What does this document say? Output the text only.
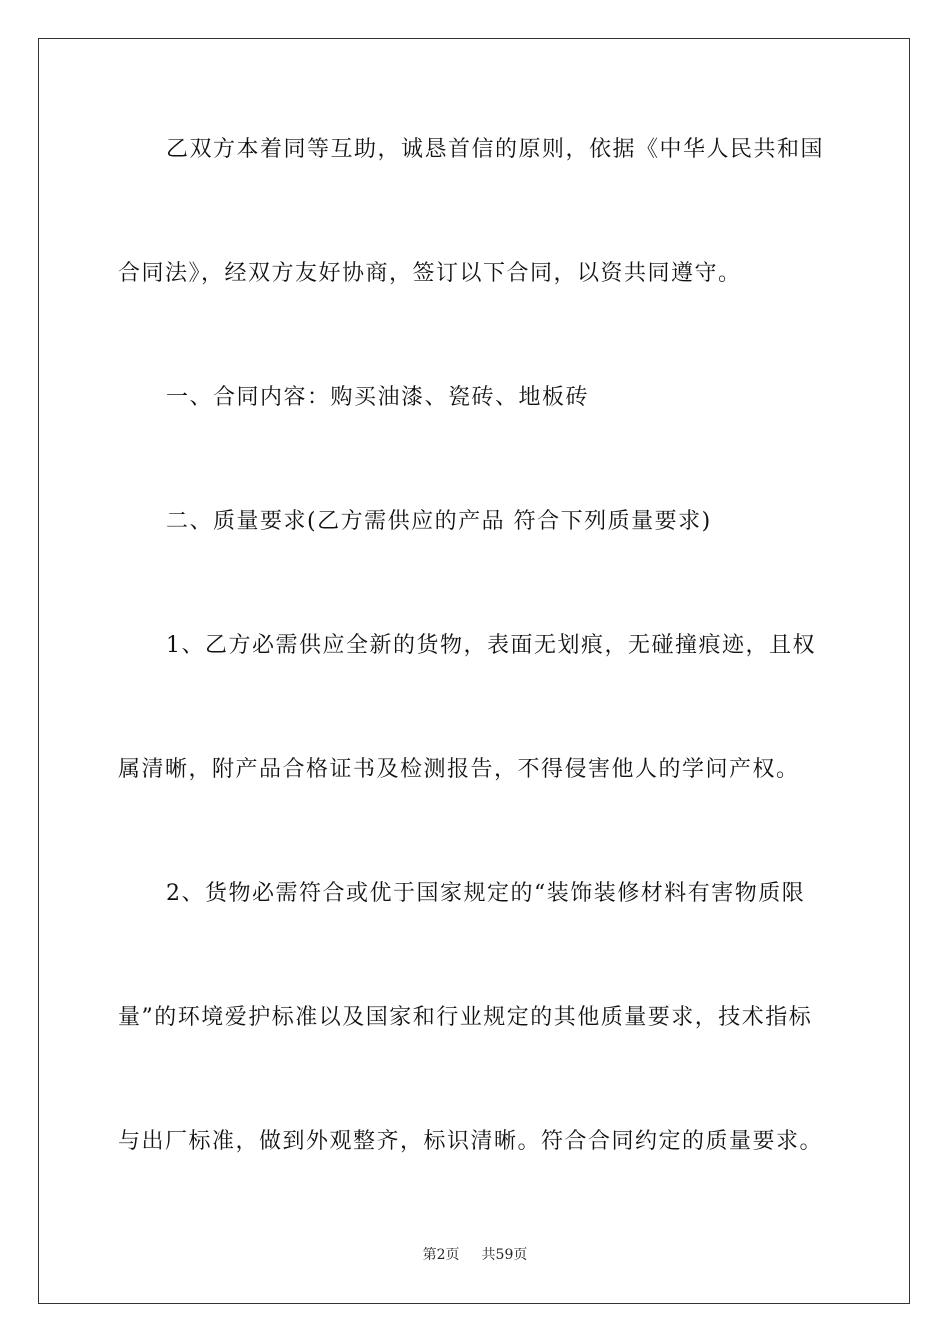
乙双方本着同等互助，诚恳首信的原则，依据《中华人民共和国
合同法》，经双方友好协商，签订以下合同，以资共同遵守。
一、合同内容：购买油漆、瓷砖、地板砖
二、质量要求(乙方需供应的产品 符合下列质量要求)
1、乙方必需供应全新的货物，表面无划痕，无碰撞痕迹，且权
属清晰，附产品合格证书及检测报告，不得侵害他人的学问产权。
2、货物必需符合或优于国家规定的“装饰装修材料有害物质限
量”的环境爱护标准以及国家和行业规定的其他质量要求，技术指标
与出厂标准，做到外观整齐，标识清晰。符合合同约定的质量要求。
第2页 共59页
